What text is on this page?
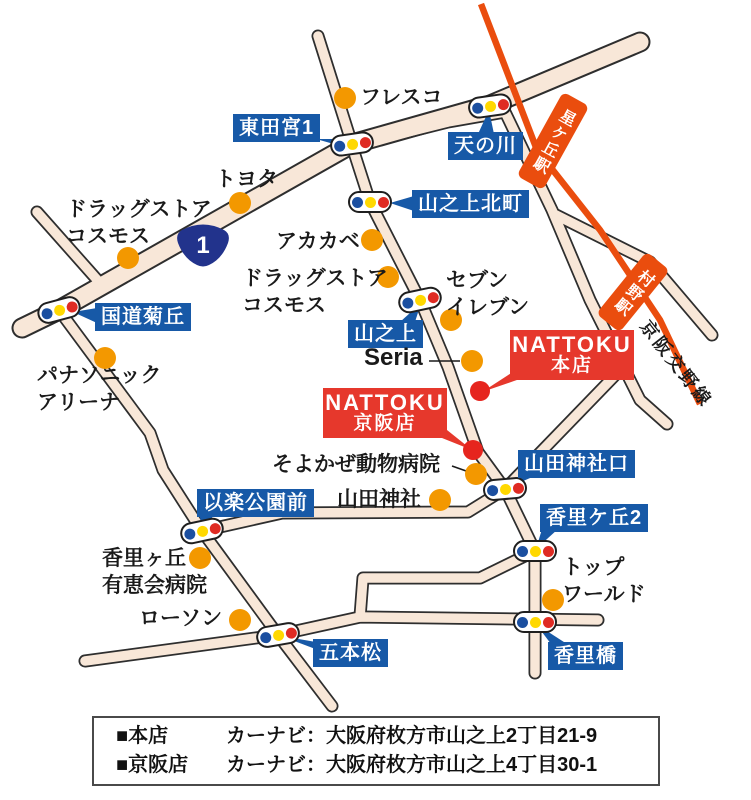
1
星ケ丘駅
村野駅
京阪交野線
東田宮1
天の川
山之上北町
国道菊丘
山之上
山田神社口
以楽公園前
香里ケ丘2
五本松	香里橋
フレスコ
トヨタ
ドラッグストア
コスモス	アカカベ
ドラッグストア
コスモス
セブン
イレブン
Seria
そよかぜ動物病院
山田神社
パナソニック
アリーナ
香里ヶ丘
有恵会病院
ローソン
トップ
ワールド
NATTOKU
本店
NATTOKU
京阪店
■本店	カーナビ：大阪府枚方市山之上2丁目21-9
■京阪店	カーナビ：大阪府枚方市山之上4丁目30-1
